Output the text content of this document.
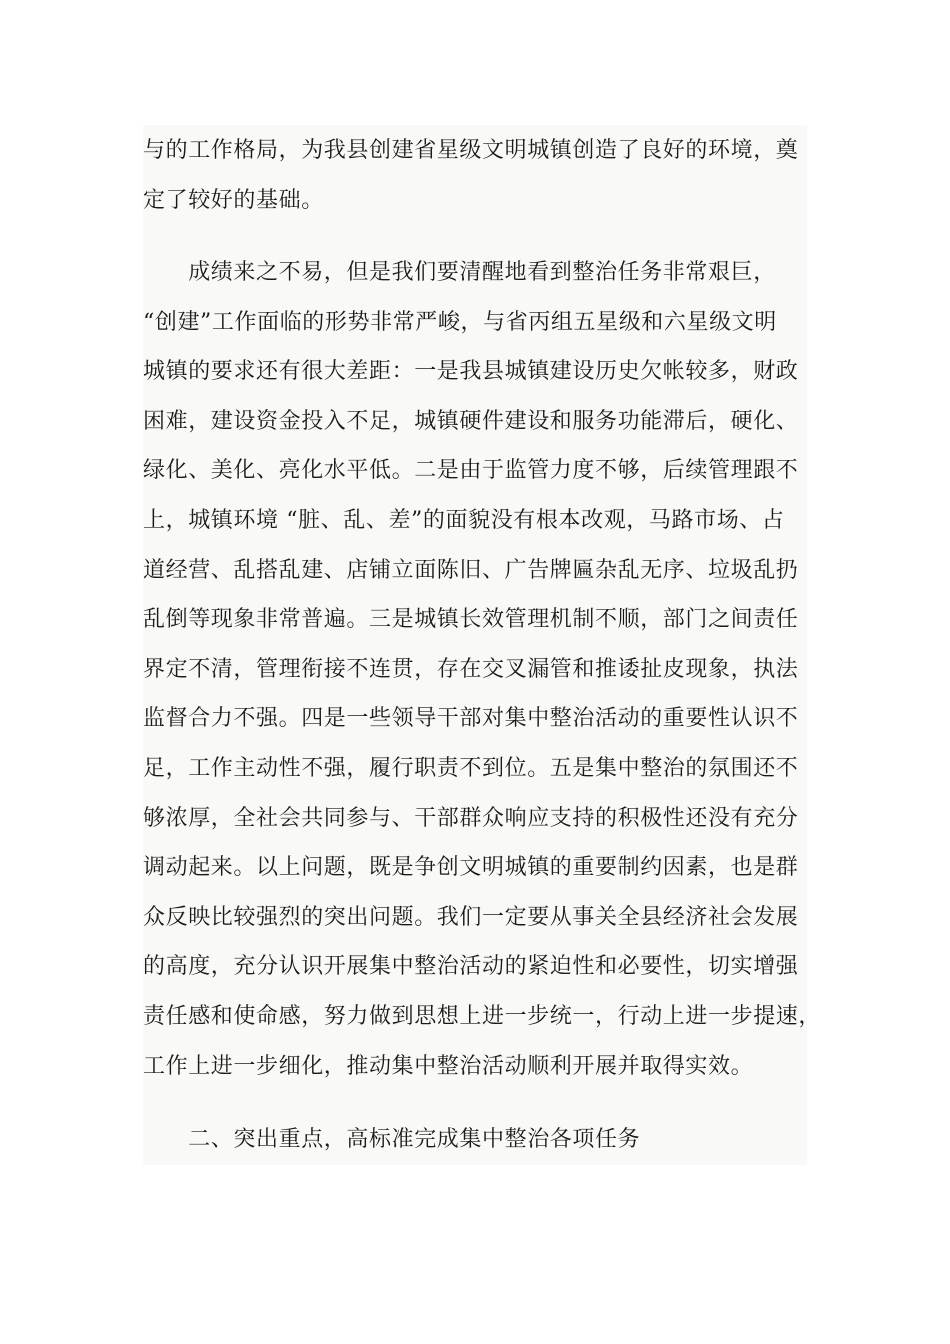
与的工作格局，为我县创建省星级文明城镇创造了良好的环境，奠
定了较好的基础。
　　成绩来之不易，但是我们要清醒地看到整治任务非常艰巨，
“创建”工作面临的形势非常严峻，与省丙组五星级和六星级文明
城镇的要求还有很大差距：一是我县城镇建设历史欠帐较多，财政
困难，建设资金投入不足，城镇硬件建设和服务功能滞后，硬化、
绿化、美化、亮化水平低。二是由于监管力度不够，后续管理跟不
上，城镇环境 “脏、乱、差”的面貌没有根本改观，马路市场、占
道经营、乱搭乱建、店铺立面陈旧、广告牌匾杂乱无序、垃圾乱扔
乱倒等现象非常普遍。三是城镇长效管理机制不顺，部门之间责任
界定不清，管理衔接不连贯，存在交叉漏管和推诿扯皮现象，执法
监督合力不强。四是一些领导干部对集中整治活动的重要性认识不
足，工作主动性不强，履行职责不到位。五是集中整治的氛围还不
够浓厚，全社会共同参与、干部群众响应支持的积极性还没有充分
调动起来。以上问题，既是争创文明城镇的重要制约因素，也是群
众反映比较强烈的突出问题。我们一定要从事关全县经济社会发展
的高度，充分认识开展集中整治活动的紧迫性和必要性，切实增强
责任感和使命感，努力做到思想上进一步统一，行动上进一步提速，
工作上进一步细化，推动集中整治活动顺利开展并取得实效。
　　二、突出重点，高标准完成集中整治各项任务
